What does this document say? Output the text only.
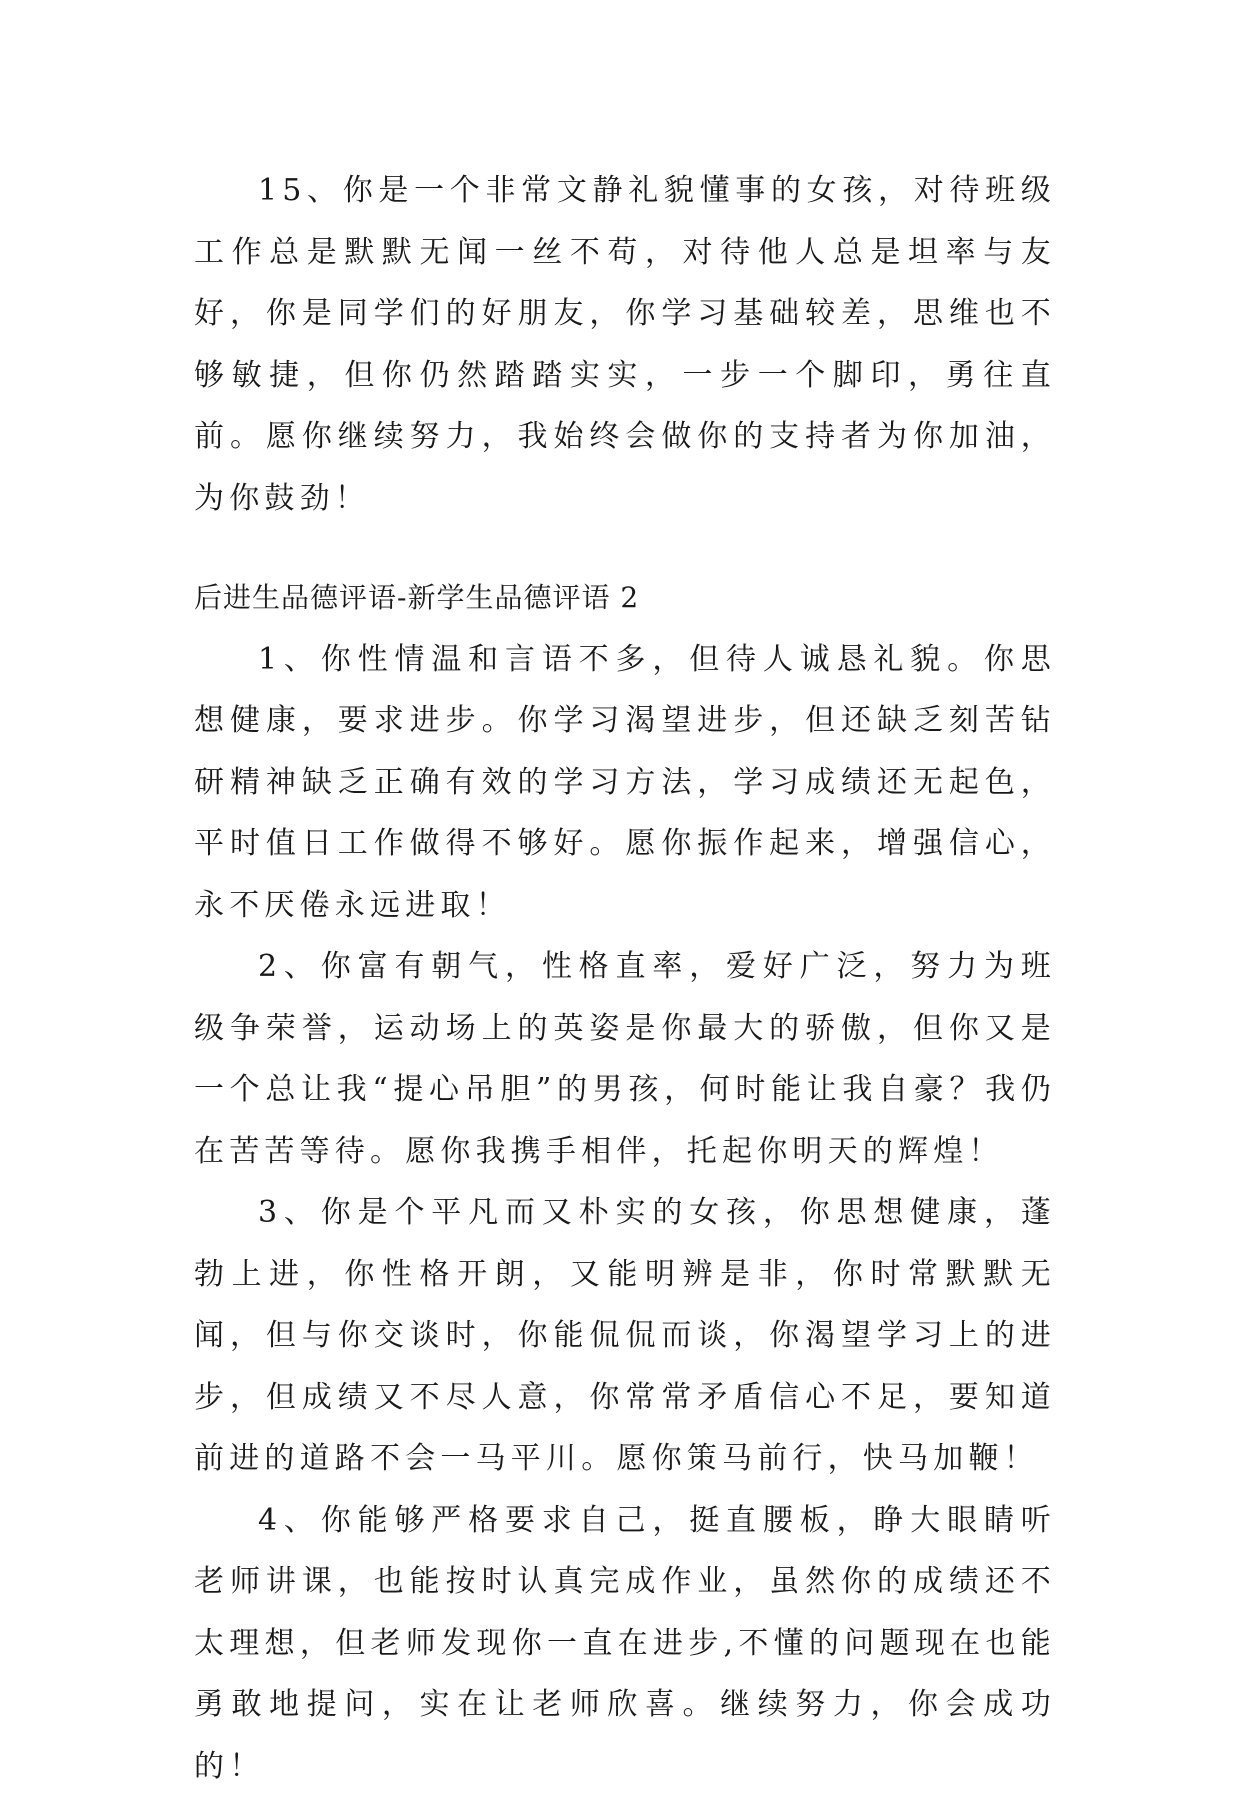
15、你是一个非常文静礼貌懂事的女孩，对待班级工作总是默默无闻一丝不苟，对待他人总是坦率与友好，你是同学们的好朋友，你学习基础较差，思维也不够敏捷，但你仍然踏踏实实，一步一个脚印，勇往直前。愿你继续努力，我始终会做你的支持者为你加油，为你鼓劲！

后进生品德评语-新学生品德评语 2

1、你性情温和言语不多，但待人诚恳礼貌。你思想健康，要求进步。你学习渴望进步，但还缺乏刻苦钻研精神缺乏正确有效的学习方法，学习成绩还无起色，平时值日工作做得不够好。愿你振作起来，增强信心，永不厌倦永远进取！

2、你富有朝气，性格直率，爱好广泛，努力为班级争荣誉，运动场上的英姿是你最大的骄傲，但你又是一个总让我“提心吊胆”的男孩，何时能让我自豪？我仍在苦苦等待。愿你我携手相伴，托起你明天的辉煌！

3、你是个平凡而又朴实的女孩，你思想健康，蓬勃上进，你性格开朗，又能明辨是非，你时常默默无闻，但与你交谈时，你能侃侃而谈，你渴望学习上的进步，但成绩又不尽人意，你常常矛盾信心不足，要知道前进的道路不会一马平川。愿你策马前行，快马加鞭！

4、你能够严格要求自己，挺直腰板，睁大眼睛听老师讲课，也能按时认真完成作业，虽然你的成绩还不太理想，但老师发现你一直在进步,不懂的问题现在也能勇敢地提问，实在让老师欣喜。继续努力，你会成功的！
